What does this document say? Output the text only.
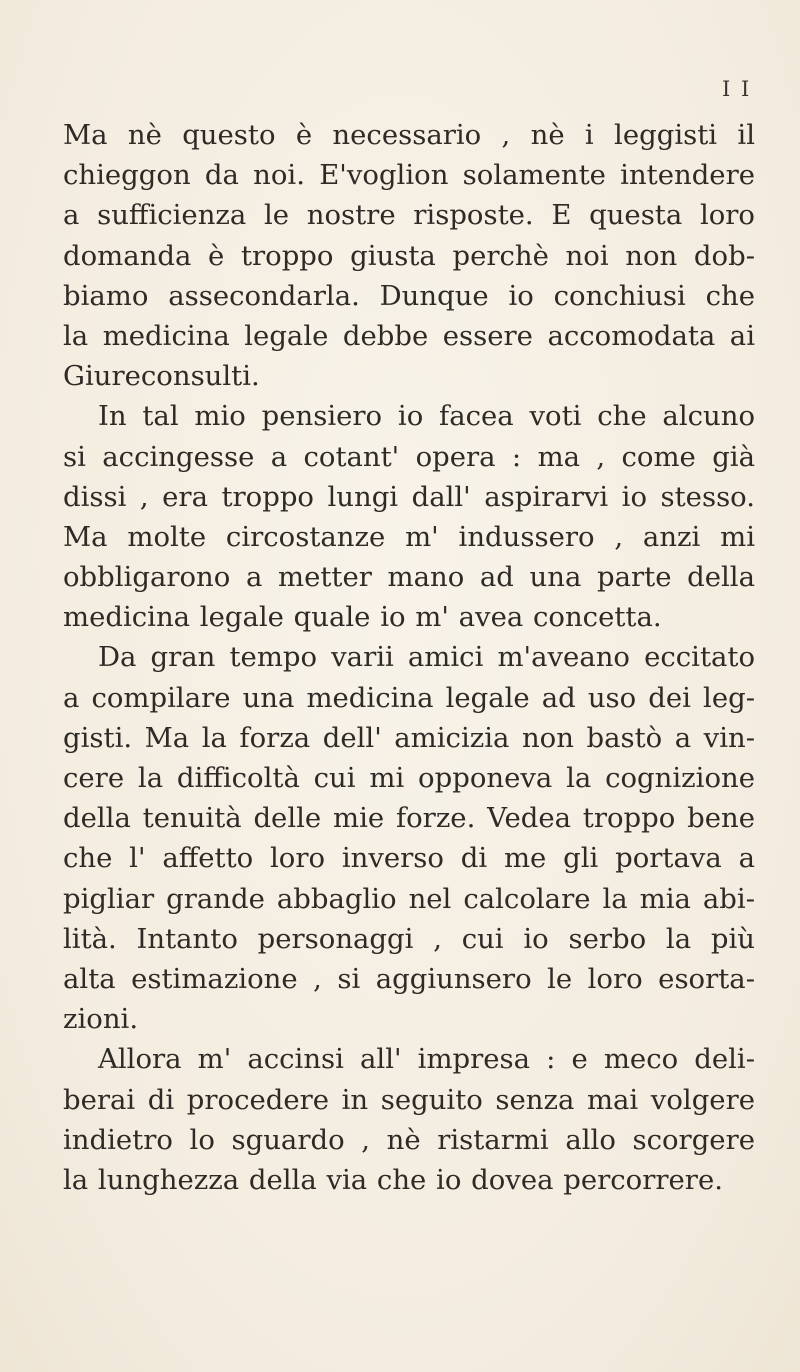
I I
Ma nè questo è necessario , nè i leggisti il
chieggon da noi. E'voglion solamente intendere
a sufficienza le nostre risposte. E questa loro
domanda è troppo giusta perchè noi non dob-
biamo assecondarla. Dunque io conchiusi che
la medicina legale debbe essere accomodata ai
Giureconsulti.
In tal mio pensiero io facea voti che alcuno
si accingesse a cotant' opera : ma , come già
dissi , era troppo lungi dall' aspirarvi io stesso.
Ma molte circostanze m' indussero , anzi mi
obbligarono a metter mano ad una parte della
medicina legale quale io m' avea concetta.
Da gran tempo varii amici m'aveano eccitato
a compilare una medicina legale ad uso dei leg-
gisti. Ma la forza dell' amicizia non bastò a vin-
cere la difficoltà cui mi opponeva la cognizione
della tenuità delle mie forze. Vedea troppo bene
che l' affetto loro inverso di me gli portava a
pigliar grande abbaglio nel calcolare la mia abi-
lità. Intanto personaggi , cui io serbo la più
alta estimazione , si aggiunsero le loro esorta-
zioni.
Allora m' accinsi all' impresa : e meco deli-
berai di procedere in seguito senza mai volgere
indietro lo sguardo , nè ristarmi allo scorgere
la lunghezza della via che io dovea percorrere.
